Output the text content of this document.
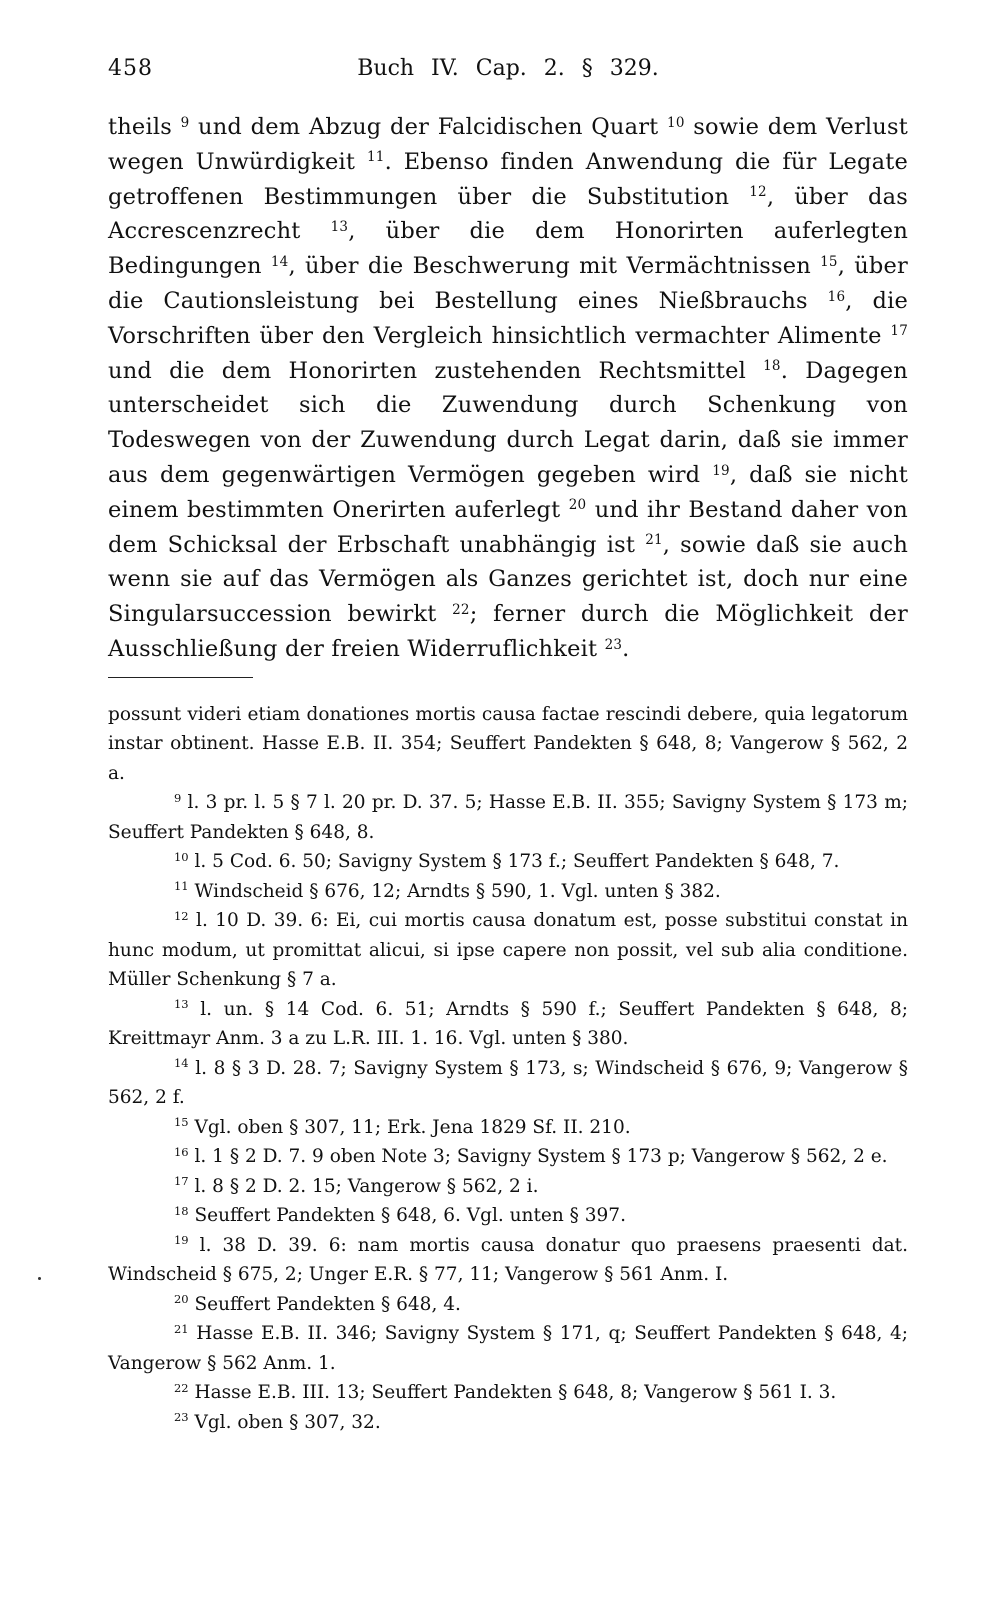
458	Buch IV. Cap. 2. § 329.
theils $^9$ und dem Abzug der Falcidischen Quart $^{10}$ sowie dem Verlust wegen Unwürdigkeit $^{11}$. Ebenso finden Anwendung die für Legate getroffenen Bestimmungen über die Substitution $^{12}$, über das Accrescenzrecht $^{13}$, über die dem Honorirten auferlegten Bedingungen $^{14}$, über die Beschwerung mit Vermächtnissen $^{15}$, über die Cautionsleistung bei Bestellung eines Nießbrauchs $^{16}$, die Vorschriften über den Vergleich hinsichtlich vermachter Alimente $^{17}$ und die dem Honorirten zustehenden Rechtsmittel $^{18}$. Dagegen unterscheidet sich die Zuwendung durch Schenkung von Todeswegen von der Zuwendung durch Legat darin, daß sie immer aus dem gegenwärtigen Vermögen gegeben wird $^{19}$, daß sie nicht einem bestimmten Onerirten auferlegt $^{20}$ und ihr Bestand daher von dem Schicksal der Erbschaft unabhängig ist $^{21}$, sowie daß sie auch wenn sie auf das Vermögen als Ganzes gerichtet ist, doch nur eine Singularsuccession bewirkt $^{22}$; ferner durch die Möglichkeit der Ausschließung der freien Widerruflichkeit $^{23}$.

possunt videri etiam donationes mortis causa factae rescindi debere, quia legatorum instar obtinent. Hasse E.B. II. 354; Seuffert Pandekten § 648, 8; Vangerow § 562, 2 a.

$^9$ l. 3 pr. l. 5 § 7 l. 20 pr. D. 37. 5; Hasse E.B. II. 355; Savigny System § 173 m; Seuffert Pandekten § 648, 8.

$^{10}$ l. 5 Cod. 6. 50; Savigny System § 173 f.; Seuffert Pandekten § 648, 7.

$^{11}$ Windscheid § 676, 12; Arndts § 590, 1. Vgl. unten § 382.

$^{12}$ l. 10 D. 39. 6: Ei, cui mortis causa donatum est, posse substitui constat in hunc modum, ut promittat alicui, si ipse capere non possit, vel sub alia conditione. Müller Schenkung § 7 a.

$^{13}$ l. un. § 14 Cod. 6. 51; Arndts § 590 f.; Seuffert Pandekten § 648, 8; Kreittmayr Anm. 3 a zu L.R. III. 1. 16. Vgl. unten § 380.

$^{14}$ l. 8 § 3 D. 28. 7; Savigny System § 173, s; Windscheid § 676, 9; Vangerow § 562, 2 f.

$^{15}$ Vgl. oben § 307, 11; Erk. Jena 1829 Sf. II. 210.

$^{16}$ l. 1 § 2 D. 7. 9 oben Note 3; Savigny System § 173 p; Vangerow § 562, 2 e.

$^{17}$ l. 8 § 2 D. 2. 15; Vangerow § 562, 2 i.

$^{18}$ Seuffert Pandekten § 648, 6. Vgl. unten § 397.

$^{19}$ l. 38 D. 39. 6: nam mortis causa donatur quo praesens praesenti dat. Windscheid § 675, 2; Unger E.R. § 77, 11; Vangerow § 561 Anm. I.

$^{20}$ Seuffert Pandekten § 648, 4.

$^{21}$ Hasse E.B. II. 346; Savigny System § 171, q; Seuffert Pandekten § 648, 4; Vangerow § 562 Anm. 1.

$^{22}$ Hasse E.B. III. 13; Seuffert Pandekten § 648, 8; Vangerow § 561 I. 3.

$^{23}$ Vgl. oben § 307, 32.
